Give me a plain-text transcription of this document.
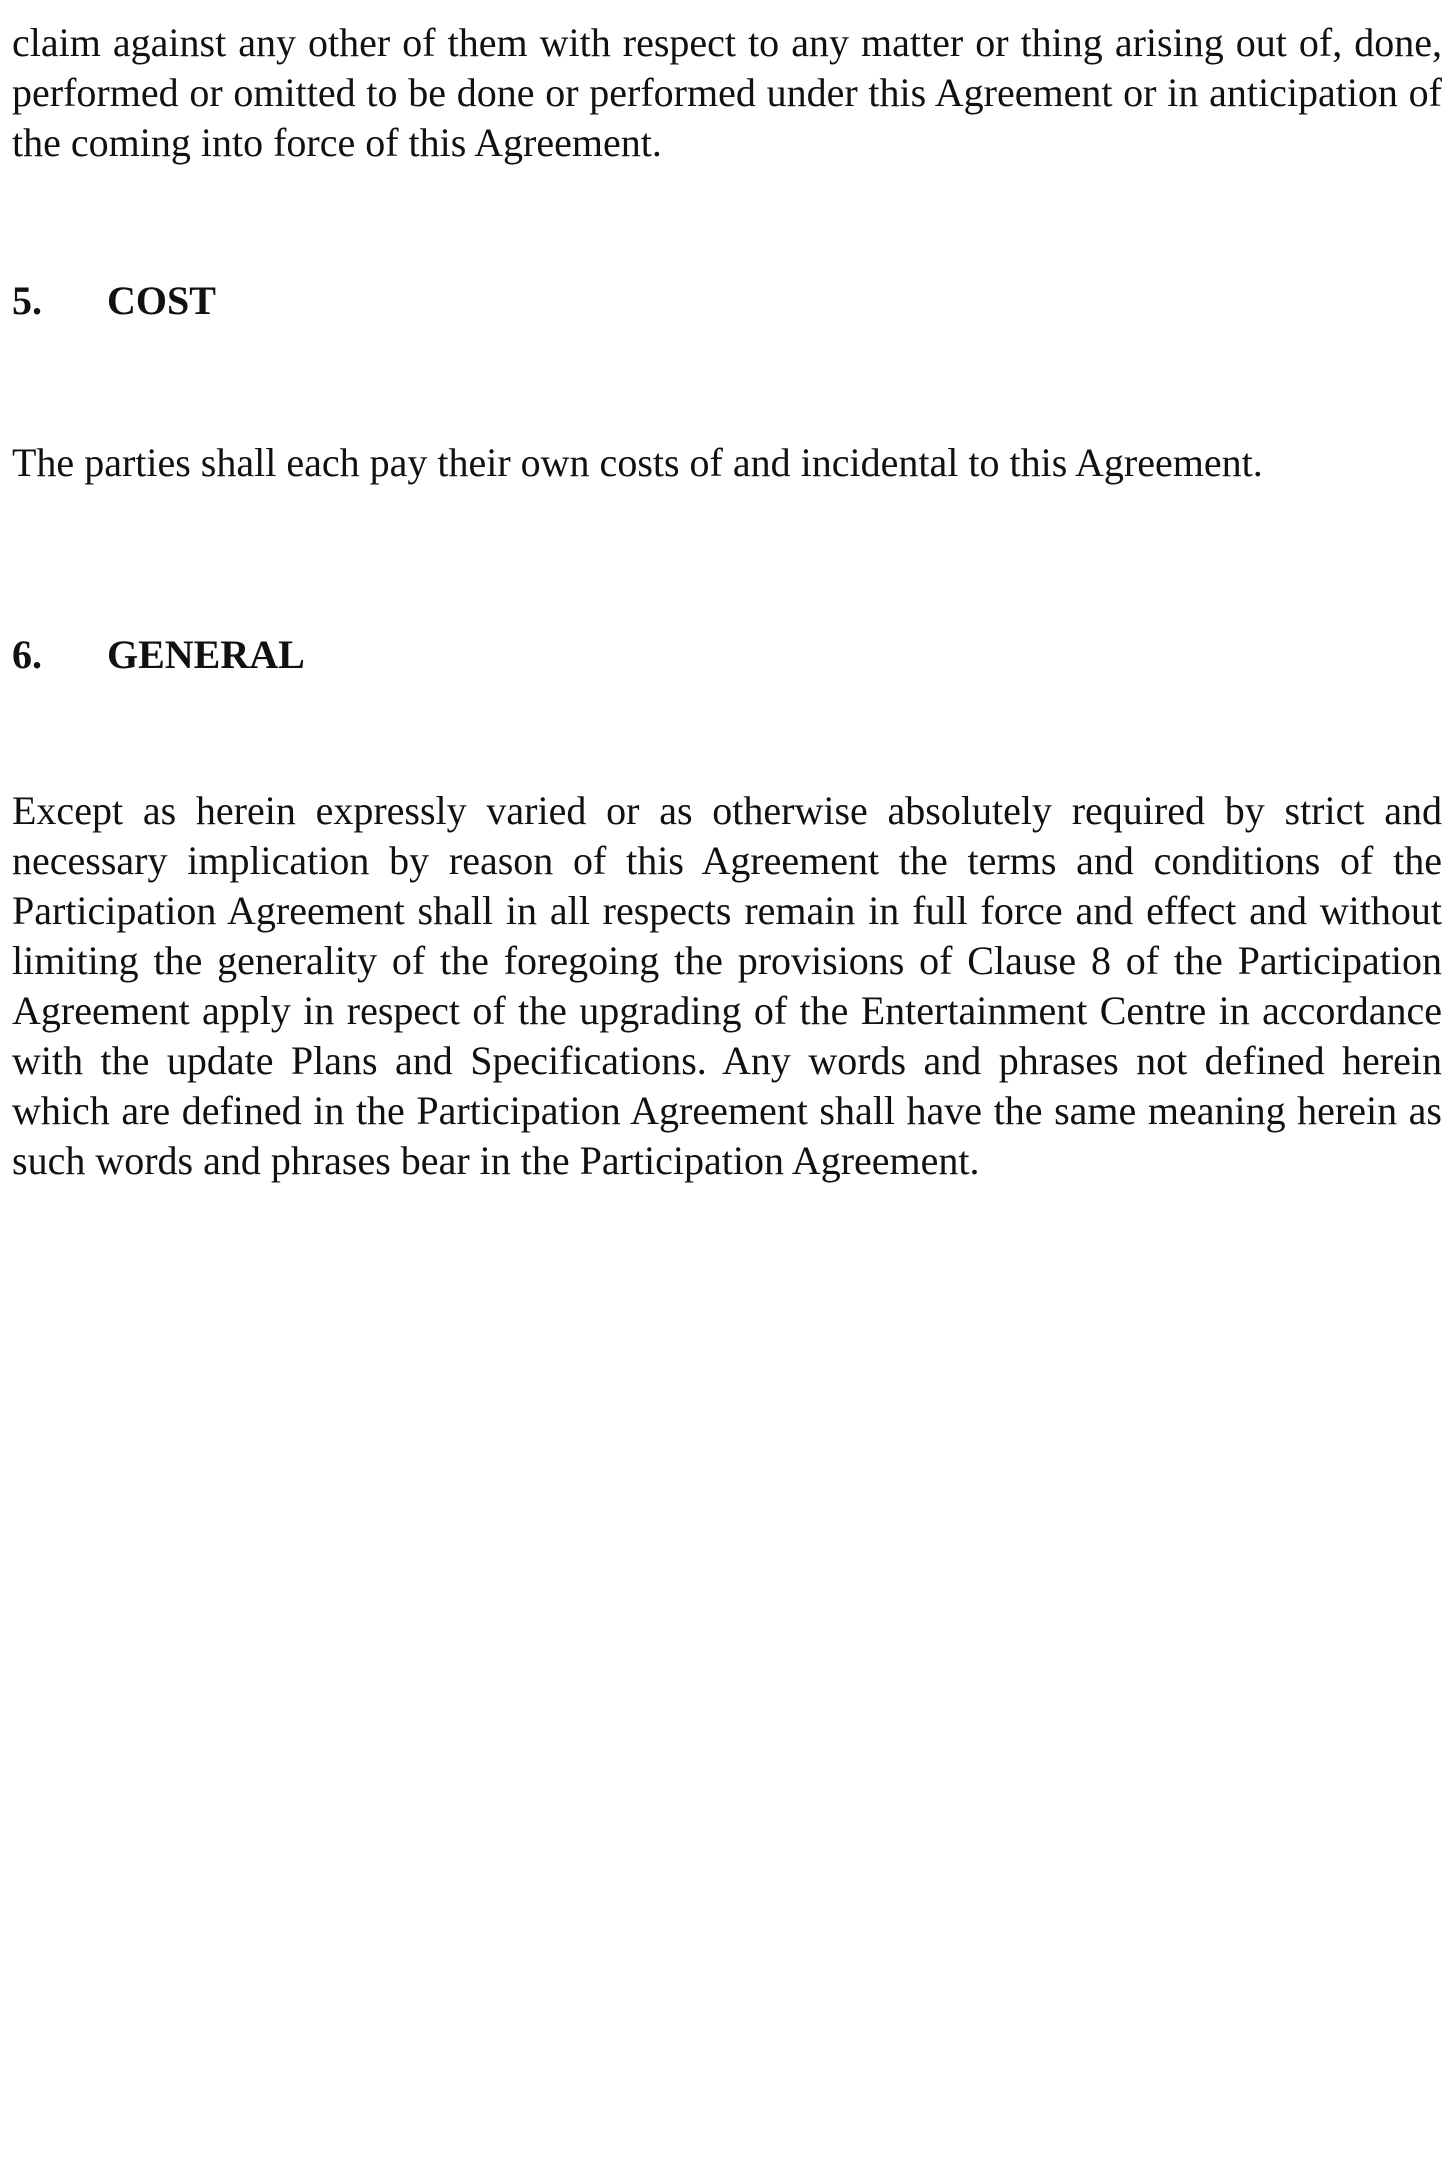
claim against any other of them with respect to any matter or thing arising out of, done, performed or omitted to be done or performed under this Agreement or in anticipation of the coming into force of this Agreement.

5.	COST

The parties shall each pay their own costs of and incidental to this Agreement.

6.	GENERAL

Except as herein expressly varied or as otherwise absolutely required by strict and necessary implication by reason of this Agreement the terms and conditions of the Participation Agreement shall in all respects remain in full force and effect and without limiting the generality of the foregoing the provisions of Clause 8 of the Participation Agreement apply in respect of the upgrading of the Entertainment Centre in accordance with the update Plans and Specifications. Any words and phrases not defined herein which are defined in the Participation Agreement shall have the same meaning herein as such words and phrases bear in the Participation Agreement.
